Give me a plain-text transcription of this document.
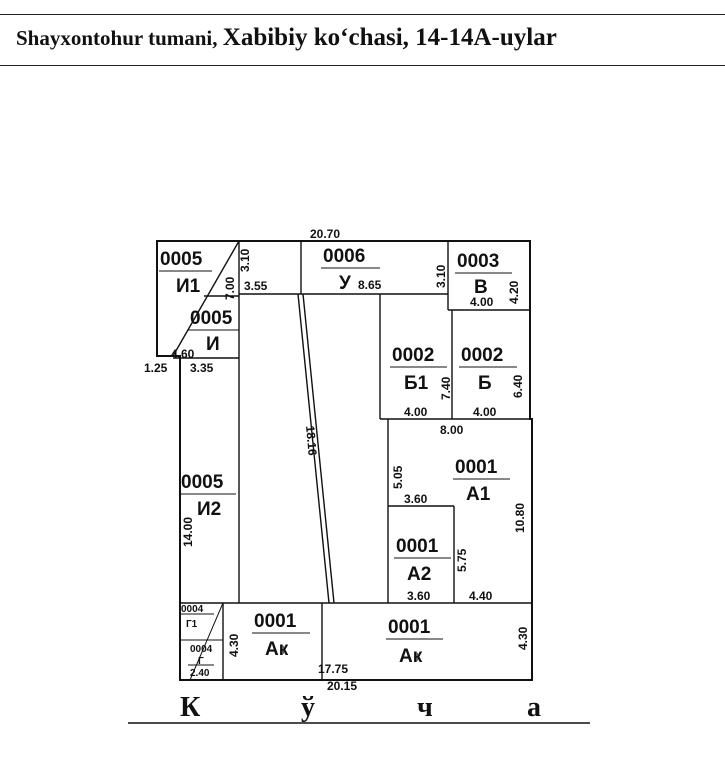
Shayxontohur tumani, Xabibiy ko‘chasi, 14-14A-uylar
0005
И1
0005
И
0006
У 8.65
0003
В
0002
Б1
0002
Б
0001
А1
0005
И2
0001
А2
0001
Аҝ
0001
Аҝ
0004
Г1
0004
Г
20.70
3.10
7.00 3.55	3.10
4.20
4.00
4.60
1.25 3.35
7.40	6.40
4.00	4.00
8.00
18.16
5.05
3.60
10.80
14.00
5.75
3.60	4.40
4.30	4.30
17.75
20.15
2.40
К	ў	ч	а
